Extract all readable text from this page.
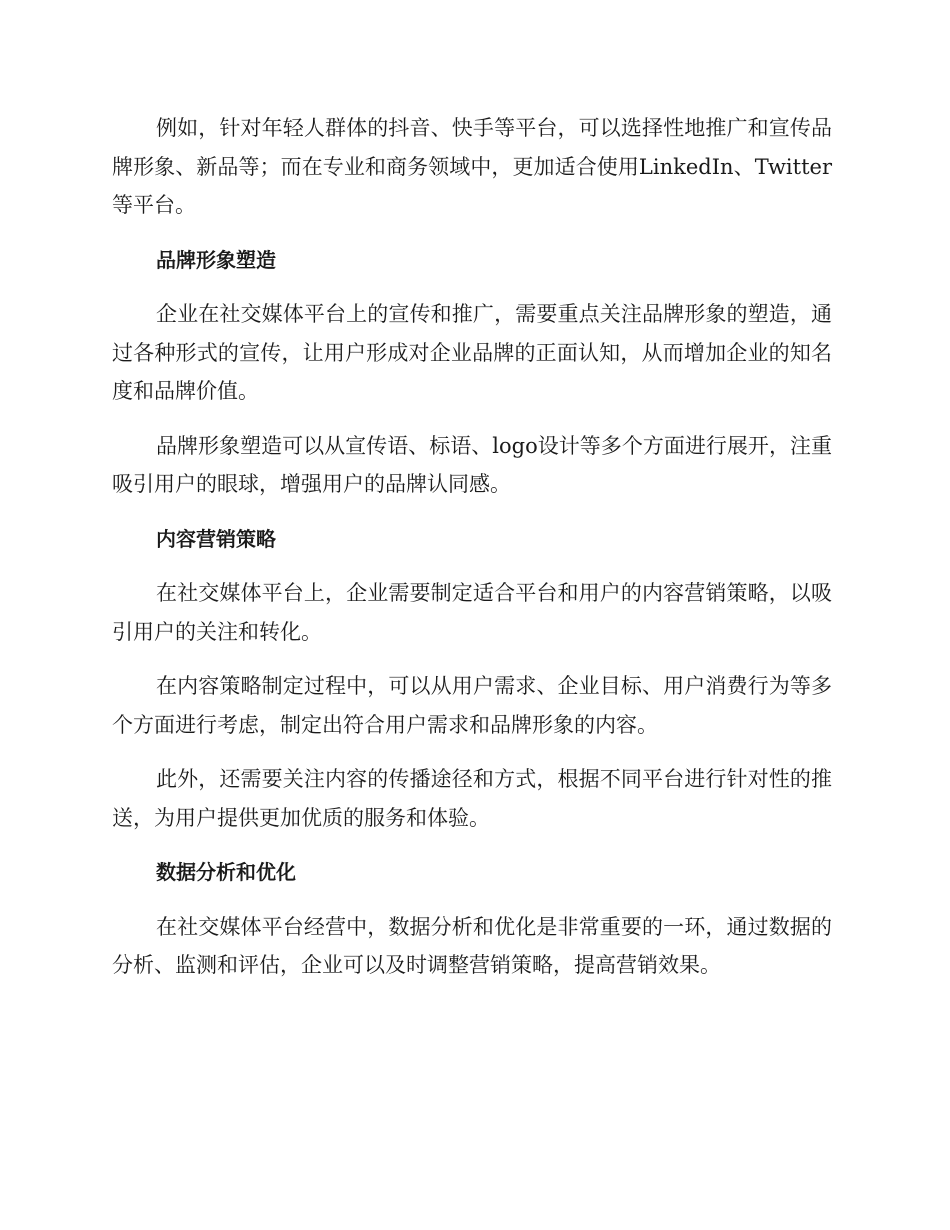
例如，针对年轻人群体的抖音、快手等平台，可以选择性地推广和宣传品牌形象、新品等；而在专业和商务领域中，更加适合使用LinkedIn、Twitter等平台。

品牌形象塑造

企业在社交媒体平台上的宣传和推广，需要重点关注品牌形象的塑造，通过各种形式的宣传，让用户形成对企业品牌的正面认知，从而增加企业的知名度和品牌价值。

品牌形象塑造可以从宣传语、标语、logo设计等多个方面进行展开，注重吸引用户的眼球，增强用户的品牌认同感。

内容营销策略

在社交媒体平台上，企业需要制定适合平台和用户的内容营销策略，以吸引用户的关注和转化。

在内容策略制定过程中，可以从用户需求、企业目标、用户消费行为等多个方面进行考虑，制定出符合用户需求和品牌形象的内容。

此外，还需要关注内容的传播途径和方式，根据不同平台进行针对性的推送，为用户提供更加优质的服务和体验。

数据分析和优化

在社交媒体平台经营中，数据分析和优化是非常重要的一环，通过数据的分析、监测和评估，企业可以及时调整营销策略，提高营销效果。
